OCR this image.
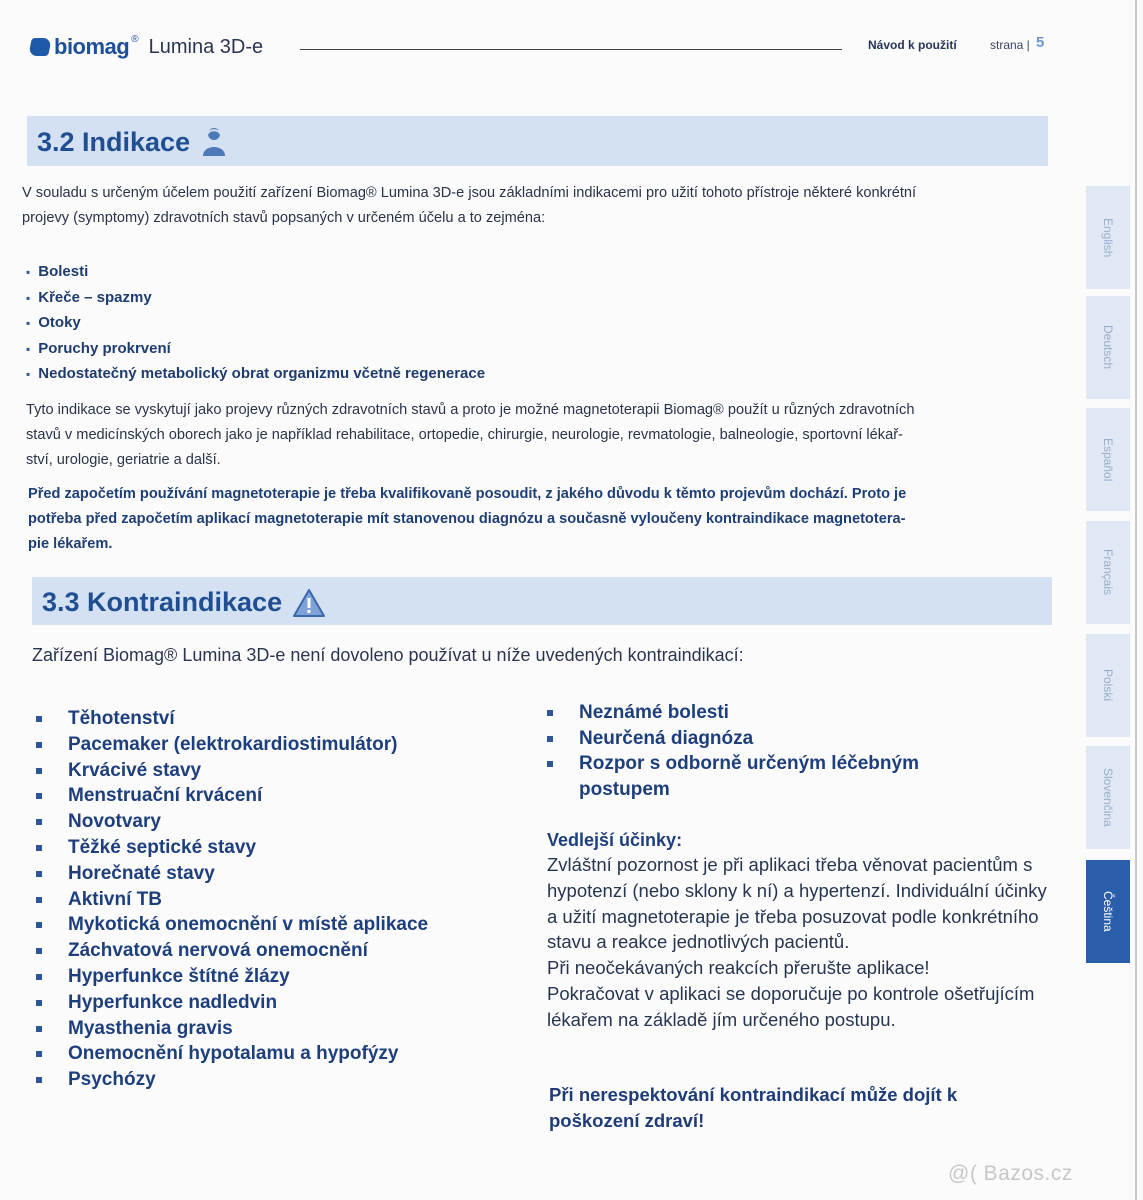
biomag ® Lumina 3D-e	Návod k použití	strana | 5
3.2 Indikace
V souladu s určeným účelem použití zařízení Biomag® Lumina 3D-e jsou základními indikacemi pro užití tohoto přístroje některé konkrétní
projevy (symptomy) zdravotních stavů popsaných v určeném účelu a to zejména:
▪ Bolesti
▪ Křeče – spazmy
▪ Otoky
▪ Poruchy prokrvení
▪ Nedostatečný metabolický obrat organizmu včetně regenerace
Tyto indikace se vyskytují jako projevy různých zdravotních stavů a proto je možné magnetoterapii Biomag® použít u různých zdravotních
stavů v medicínských oborech jako je například rehabilitace, ortopedie, chirurgie, neurologie, revmatologie, balneologie, sportovní lékař-
ství, urologie, geriatrie a další.
Před započetím používání magnetoterapie je třeba kvalifikovaně posoudit, z jakého důvodu k těmto projevům dochází. Proto je
potřeba před započetím aplikací magnetoterapie mít stanovenou diagnózu a současně vyloučeny kontraindikace magnetotera-
pie lékařem.
3.3 Kontraindikace
Zařízení Biomag® Lumina 3D-e není dovoleno používat u níže uvedených kontraindikací:
Těhotenství
Pacemaker (elektrokardiostimulátor)
Krvácivé stavy
Menstruační krvácení
Novotvary
Těžké septické stavy
Horečnaté stavy
Aktivní TB
Mykotická onemocnění v místě aplikace
Záchvatová nervová onemocnění
Hyperfunkce štítné žlázy
Hyperfunkce nadledvin
Myasthenia gravis
Onemocnění hypotalamu a hypofýzy
Psychózy
Neznámé bolesti
Neurčená diagnóza
Rozpor s odborně určeným léčebným postupem
Vedlejší účinky:
Zvláštní pozornost je při aplikaci třeba věnovat pacientům s hypotenzí (nebo sklony k ní) a hypertenzí. Individuální účinky a užití magnetoterapie je třeba posuzovat podle konkrétního stavu a reakce jednotlivých pacientů.
Při neočekávaných reakcích přerušte aplikace!
Pokračovat v aplikaci se doporučuje po kontrole ošetřujícím lékařem na základě jím určeného postupu.
Při nerespektování kontraindikací může dojít k poškození zdraví!
English
Deutsch
Español
Français
Polski
Slovenčina
Čeština
@( Bazos.cz
